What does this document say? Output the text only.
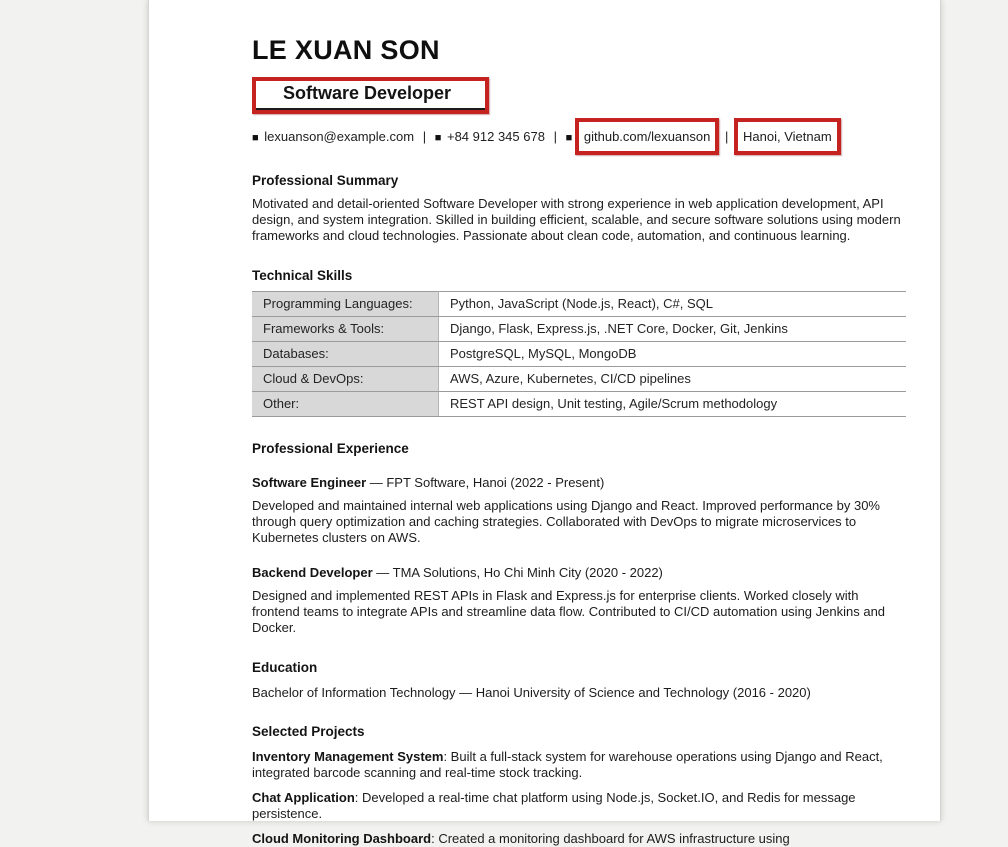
LE XUAN SON
Software Developer
■ lexuanson@example.com | ■ +84 912 345 678 | ■ github.com/lexuanson | Hanoi, Vietnam
Professional Summary

Motivated and detail-oriented Software Developer with strong experience in web application development, API design, and system integration. Skilled in building efficient, scalable, and secure software solutions using modern frameworks and cloud technologies. Passionate about clean code, automation, and continuous learning.

Technical Skills
Programming Languages:	Python, JavaScript (Node.js, React), C#, SQL
Frameworks & Tools:	Django, Flask, Express.js, .NET Core, Docker, Git, Jenkins
Databases:	PostgreSQL, MySQL, MongoDB
Cloud & DevOps:	AWS, Azure, Kubernetes, CI/CD pipelines
Other:	REST API design, Unit testing, Agile/Scrum methodology
Professional Experience

Software Engineer — FPT Software, Hanoi (2022 - Present)

Developed and maintained internal web applications using Django and React. Improved performance by 30% through query optimization and caching strategies. Collaborated with DevOps to migrate microservices to Kubernetes clusters on AWS.

Backend Developer — TMA Solutions, Ho Chi Minh City (2020 - 2022)

Designed and implemented REST APIs in Flask and Express.js for enterprise clients. Worked closely with frontend teams to integrate APIs and streamline data flow. Contributed to CI/CD automation using Jenkins and Docker.

Education

Bachelor of Information Technology — Hanoi University of Science and Technology (2016 - 2020)

Selected Projects

Inventory Management System: Built a full-stack system for warehouse operations using Django and React, integrated barcode scanning and real-time stock tracking.

Chat Application: Developed a real-time chat platform using Node.js, Socket.IO, and Redis for message persistence.

Cloud Monitoring Dashboard: Created a monitoring dashboard for AWS infrastructure using
